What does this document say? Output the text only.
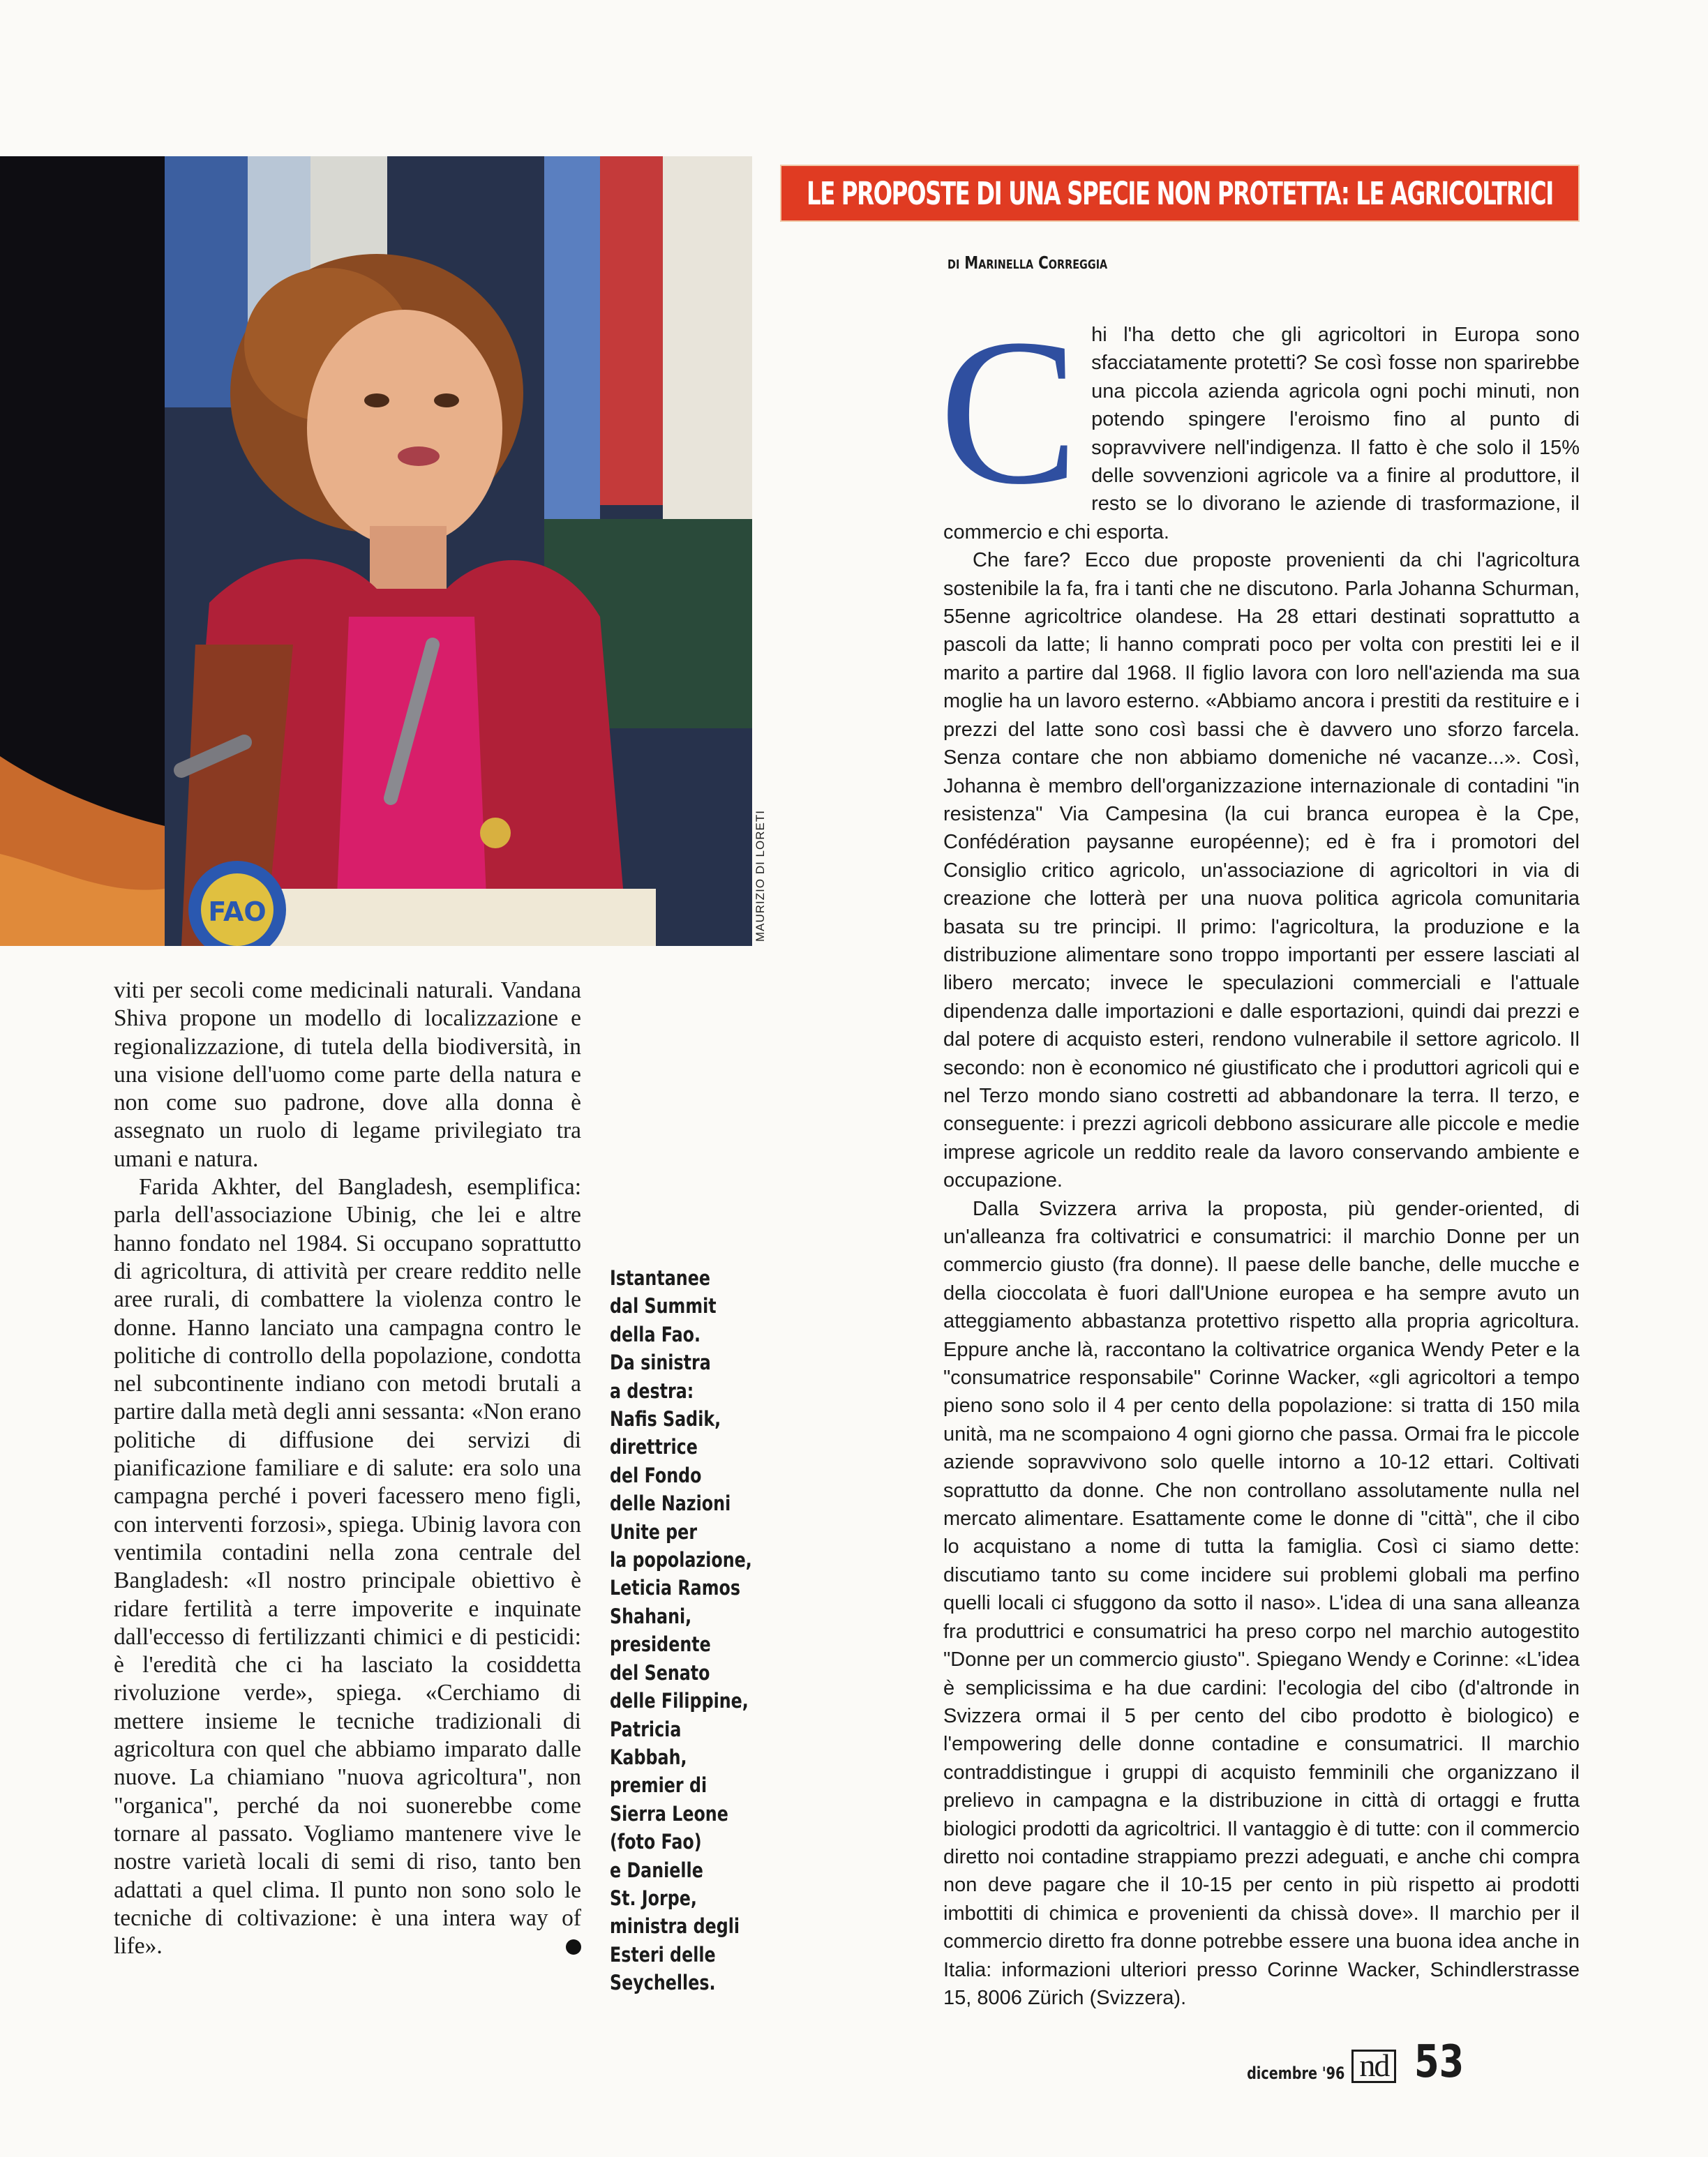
FAO	MAURIZIO DI LORETI
LE PROPOSTE DI UNA SPECIE NON PROTETTA: LE AGRICOLTRICI
di Marinella Correggia

viti per secoli come medicinali naturali. Vandana Shiva propone un modello di localizzazione e regionalizzazione, di tutela della biodiversità, in una visione dell'uomo come parte della natura e non come suo padrone, dove alla donna è assegnato un ruolo di legame privilegiato tra umani e natura.

Farida Akhter, del Bangladesh, esemplifica: parla dell'associazione Ubinig, che lei e altre hanno fondato nel 1984. Si occupano soprattutto di agricoltura, di attività per creare reddito nelle aree rurali, di combattere la violenza contro le donne. Hanno lanciato una campagna contro le politiche di controllo della popolazione, condotta nel subcontinente indiano con metodi brutali a partire dalla metà degli anni sessanta: «Non erano politiche di diffusione dei servizi di pianificazione familiare e di salute: era solo una campagna perché i poveri facessero meno figli, con interventi forzosi», spiega. Ubinig lavora con ventimila contadini nella zona centrale del Bangladesh: «Il nostro principale obiettivo è ridare fertilità a terre impoverite e inquinate dall'eccesso di fertilizzanti chimici e di pesticidi: è l'eredità che ci ha lasciato la cosiddetta rivoluzione verde», spiega. «Cerchiamo di mettere insieme le tecniche tradizionali di agricoltura con quel che abbiamo imparato dalle nuove. La chiamiano "nuova agricoltura", non "organica", perché da noi suonerebbe come tornare al passato. Vogliamo mantenere vive le nostre varietà locali di semi di riso, tanto ben adattati a quel clima. Il punto non sono solo le tecniche di coltivazione: è una intera way of life».

Istantanee
dal Summit
della Fao.
Da sinistra
a destra:
Nafis Sadik,
direttrice
del Fondo
delle Nazioni
Unite per
la popolazione,
Leticia Ramos
Shahani,
presidente
del Senato
delle Filippine,
Patricia
Kabbah,
premier di
Sierra Leone
(foto Fao)
e Danielle
St. Jorpe,
ministra degli
Esteri delle
Seychelles.

Chi l'ha detto che gli agricoltori in Europa sono sfacciatamente protetti? Se così fosse non sparirebbe una piccola azienda agricola ogni pochi minuti, non potendo spingere l'eroismo fino al punto di sopravvivere nell'indigenza. Il fatto è che solo il 15% delle sovvenzioni agricole va a finire al produttore, il resto se lo divorano le aziende di trasformazione, il commercio e chi esporta.

Che fare? Ecco due proposte provenienti da chi l'agricoltura sostenibile la fa, fra i tanti che ne discutono. Parla Johanna Schurman, 55enne agricoltrice olandese. Ha 28 ettari destinati soprattutto a pascoli da latte; li hanno comprati poco per volta con prestiti lei e il marito a partire dal 1968. Il figlio lavora con loro nell'azienda ma sua moglie ha un lavoro esterno. «Abbiamo ancora i prestiti da restituire e i prezzi del latte sono così bassi che è davvero uno sforzo farcela. Senza contare che non abbiamo domeniche né vacanze...». Così, Johanna è membro dell'organizzazione internazionale di contadini "in resistenza" Via Campesina (la cui branca europea è la Cpe, Confédération paysanne européenne); ed è fra i promotori del Consiglio critico agricolo, un'associazione di agricoltori in via di creazione che lotterà per una nuova politica agricola comunitaria basata su tre principi. Il primo: l'agricoltura, la produzione e la distribuzione alimentare sono troppo importanti per essere lasciati al libero mercato; invece le speculazioni commerciali e l'attuale dipendenza dalle importazioni e dalle esportazioni, quindi dai prezzi e dal potere di acquisto esteri, rendono vulnerabile il settore agricolo. Il secondo: non è economico né giustificato che i produttori agricoli qui e nel Terzo mondo siano costretti ad abbandonare la terra. Il terzo, e conseguente: i prezzi agricoli debbono assicurare alle piccole e medie imprese agricole un reddito reale da lavoro conservando ambiente e occupazione.

Dalla Svizzera arriva la proposta, più gender-oriented, di un'alleanza fra coltivatrici e consumatrici: il marchio Donne per un commercio giusto (fra donne). Il paese delle banche, delle mucche e della cioccolata è fuori dall'Unione europea e ha sempre avuto un atteggiamento abbastanza protettivo rispetto alla propria agricoltura. Eppure anche là, raccontano la coltivatrice organica Wendy Peter e la "consumatrice responsabile" Corinne Wacker, «gli agricoltori a tempo pieno sono solo il 4 per cento della popolazione: si tratta di 150 mila unità, ma ne scompaiono 4 ogni giorno che passa. Ormai fra le piccole aziende sopravvivono solo quelle intorno a 10-12 ettari. Coltivati soprattutto da donne. Che non controllano assolutamente nulla nel mercato alimentare. Esattamente come le donne di "città", che il cibo lo acquistano a nome di tutta la famiglia. Così ci siamo dette: discutiamo tanto su come incidere sui problemi globali ma perfino quelli locali ci sfuggono da sotto il naso». L'idea di una sana alleanza fra produttrici e consumatrici ha preso corpo nel marchio autogestito "Donne per un commercio giusto". Spiegano Wendy e Corinne: «L'idea è semplicissima e ha due cardini: l'ecologia del cibo (d'altronde in Svizzera ormai il 5 per cento del cibo prodotto è biologico) e l'empowering delle donne contadine e consumatrici. Il marchio contraddistingue i gruppi di acquisto femminili che organizzano il prelievo in campagna e la distribuzione in città di ortaggi e frutta biologici prodotti da agricoltrici. Il vantaggio è di tutte: con il commercio diretto noi contadine strappiamo prezzi adeguati, e anche chi compra non deve pagare che il 10-15 per cento in più rispetto ai prodotti imbottiti di chimica e provenienti da chissà dove». Il marchio per il commercio diretto fra donne potrebbe essere una buona idea anche in Italia: informazioni ulteriori presso Corinne Wacker, Schindlerstrasse 15, 8006 Zürich (Svizzera).

dicembre '96 nd 53
